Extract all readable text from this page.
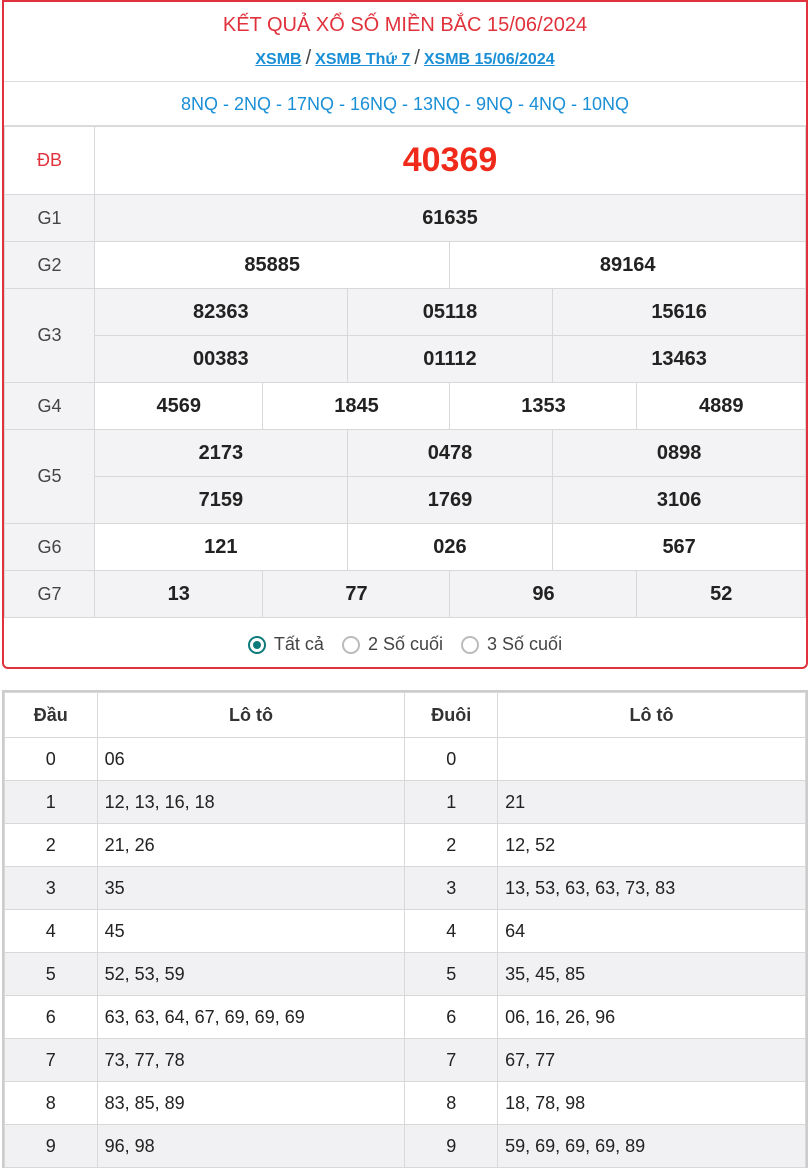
KẾT QUẢ XỔ SỐ MIỀN BẮC 15/06/2024
XSMB / XSMB Thứ 7 / XSMB 15/06/2024
8NQ - 2NQ - 17NQ - 16NQ - 13NQ - 9NQ - 4NQ - 10NQ
ĐB	40369					
G1	61635					
G2	85885			89164		
G3	82363		05118		15616	
	00383		01112		13463	
G4	4569	1845		1353		4889
G5	2173		0478		0898	
	7159		1769		3106	
G6	121		026		567	
G7	13	77		96		52
Tất cả 2 Số cuối 3 Số cuối
Đầu	Lô tô	Đuôi	Lô tô
0	06	0	
1	12, 13, 16, 18	1	21
2	21, 26	2	12, 52
3	35	3	13, 53, 63, 63, 73, 83
4	45	4	64
5	52, 53, 59	5	35, 45, 85
6	63, 63, 64, 67, 69, 69, 69	6	06, 16, 26, 96
7	73, 77, 78	7	67, 77
8	83, 85, 89	8	18, 78, 98
9	96, 98	9	59, 69, 69, 69, 89
